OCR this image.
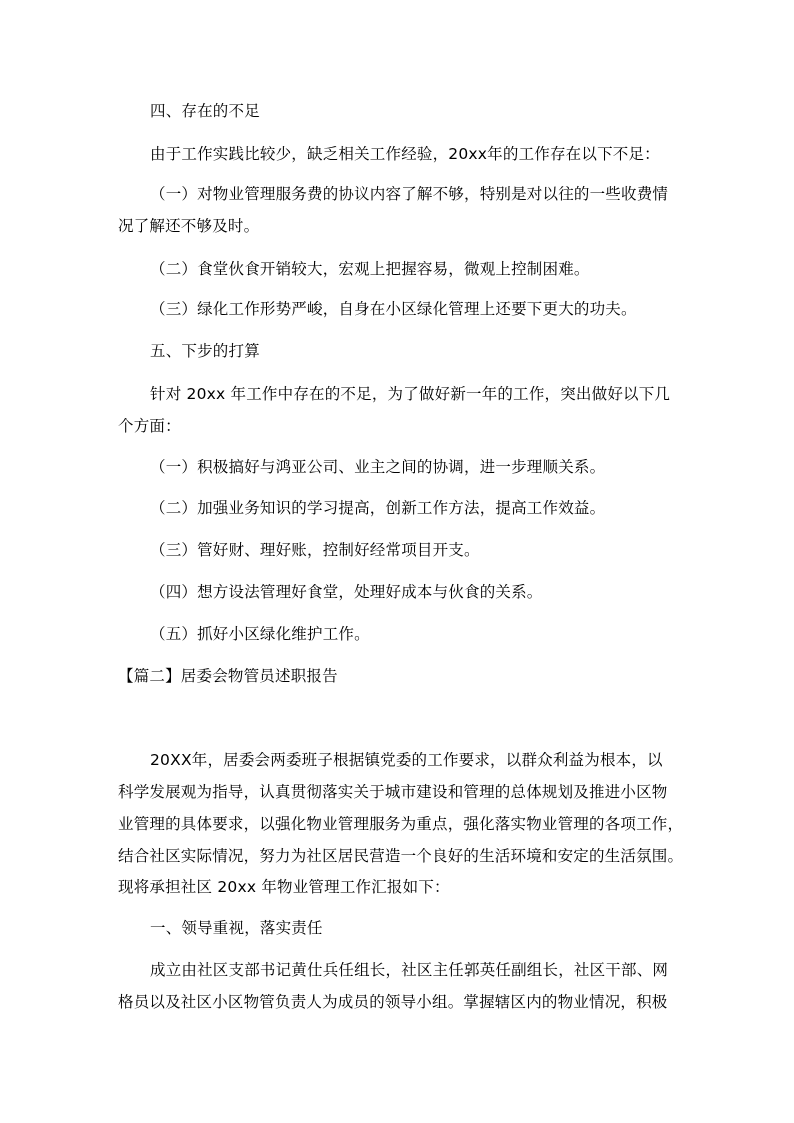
四、存在的不足
由于工作实践比较少，缺乏相关工作经验，20xx年的工作存在以下不足：
（一）对物业管理服务费的协议内容了解不够，特别是对以往的一些收费情
况了解还不够及时。
（二）食堂伙食开销较大，宏观上把握容易，微观上控制困难。
（三）绿化工作形势严峻，自身在小区绿化管理上还要下更大的功夫。
五、下步的打算
针对 20xx 年工作中存在的不足，为了做好新一年的工作，突出做好以下几
个方面：
（一）积极搞好与鸿亚公司、业主之间的协调，进一步理顺关系。
（二）加强业务知识的学习提高，创新工作方法，提高工作效益。
（三）管好财、理好账，控制好经常项目开支。
（四）想方设法管理好食堂，处理好成本与伙食的关系。
（五）抓好小区绿化维护工作。
【篇二】居委会物管员述职报告
20XX年，居委会两委班子根据镇党委的工作要求，以群众利益为根本，以
科学发展观为指导，认真贯彻落实关于城市建设和管理的总体规划及推进小区物
业管理的具体要求，以强化物业管理服务为重点，强化落实物业管理的各项工作，
结合社区实际情况，努力为社区居民营造一个良好的生活环境和安定的生活氛围。
现将承担社区 20xx 年物业管理工作汇报如下：
一、领导重视，落实责任
成立由社区支部书记黄仕兵任组长，社区主任郭英任副组长，社区干部、网
格员以及社区小区物管负责人为成员的领导小组。掌握辖区内的物业情况，积极
